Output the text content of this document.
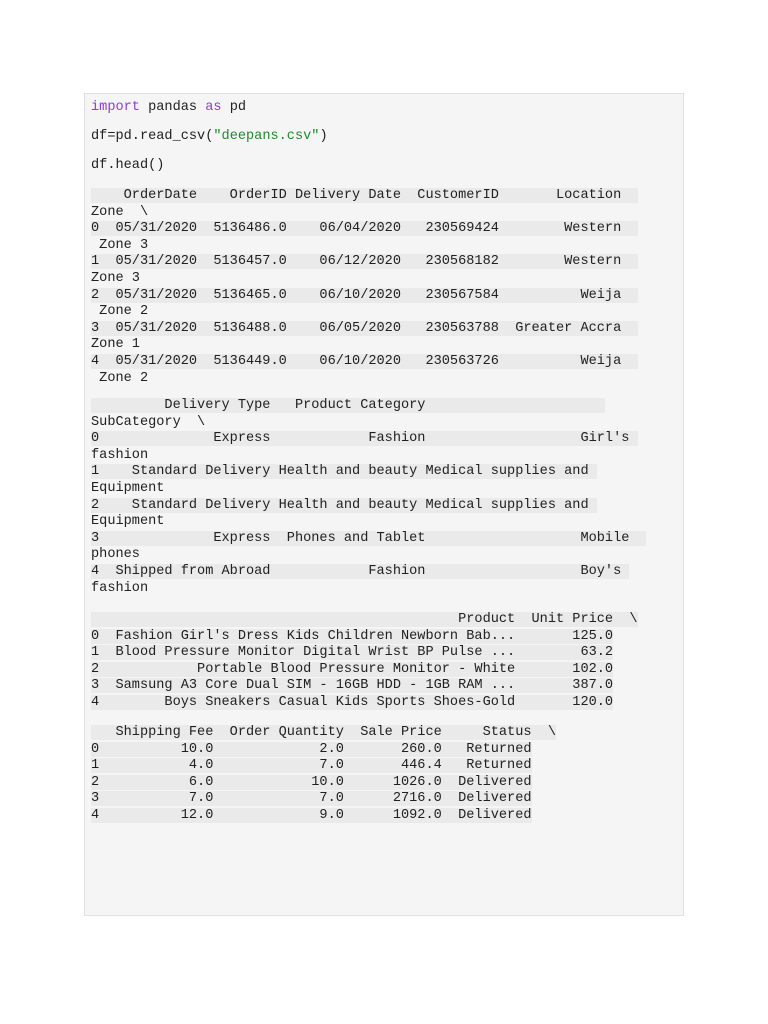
import pandas as pd
df=pd.read_csv("deepans.csv")
df.head()
OrderDate    OrderID Delivery Date  CustomerID       Location
Zone  \
0  05/31/2020  5136486.0    06/04/2020   230569424        Western
Zone 3
1  05/31/2020  5136457.0    06/12/2020   230568182        Western
Zone 3
2  05/31/2020  5136465.0    06/10/2020   230567584          Weija
Zone 2
3  05/31/2020  5136488.0    06/05/2020   230563788  Greater Accra
Zone 1
4  05/31/2020  5136449.0    06/10/2020   230563726          Weija
Zone 2
Delivery Type   Product Category
SubCategory  \
0              Express            Fashion                   Girl's
fashion
1    Standard Delivery Health and beauty Medical supplies and
Equipment
2    Standard Delivery Health and beauty Medical supplies and
Equipment
3              Express  Phones and Tablet                   Mobile
phones
4  Shipped from Abroad            Fashion                   Boy's
fashion
Product  Unit Price  \
0  Fashion Girl's Dress Kids Children Newborn Bab...       125.0
1  Blood Pressure Monitor Digital Wrist BP Pulse ...        63.2
2            Portable Blood Pressure Monitor - White       102.0
3  Samsung A3 Core Dual SIM - 16GB HDD - 1GB RAM ...       387.0
4        Boys Sneakers Casual Kids Sports Shoes-Gold       120.0
Shipping Fee  Order Quantity  Sale Price     Status  \
0          10.0             2.0       260.0   Returned
1           4.0             7.0       446.4   Returned
2           6.0            10.0      1026.0  Delivered
3           7.0             7.0      2716.0  Delivered
4          12.0             9.0      1092.0  Delivered
